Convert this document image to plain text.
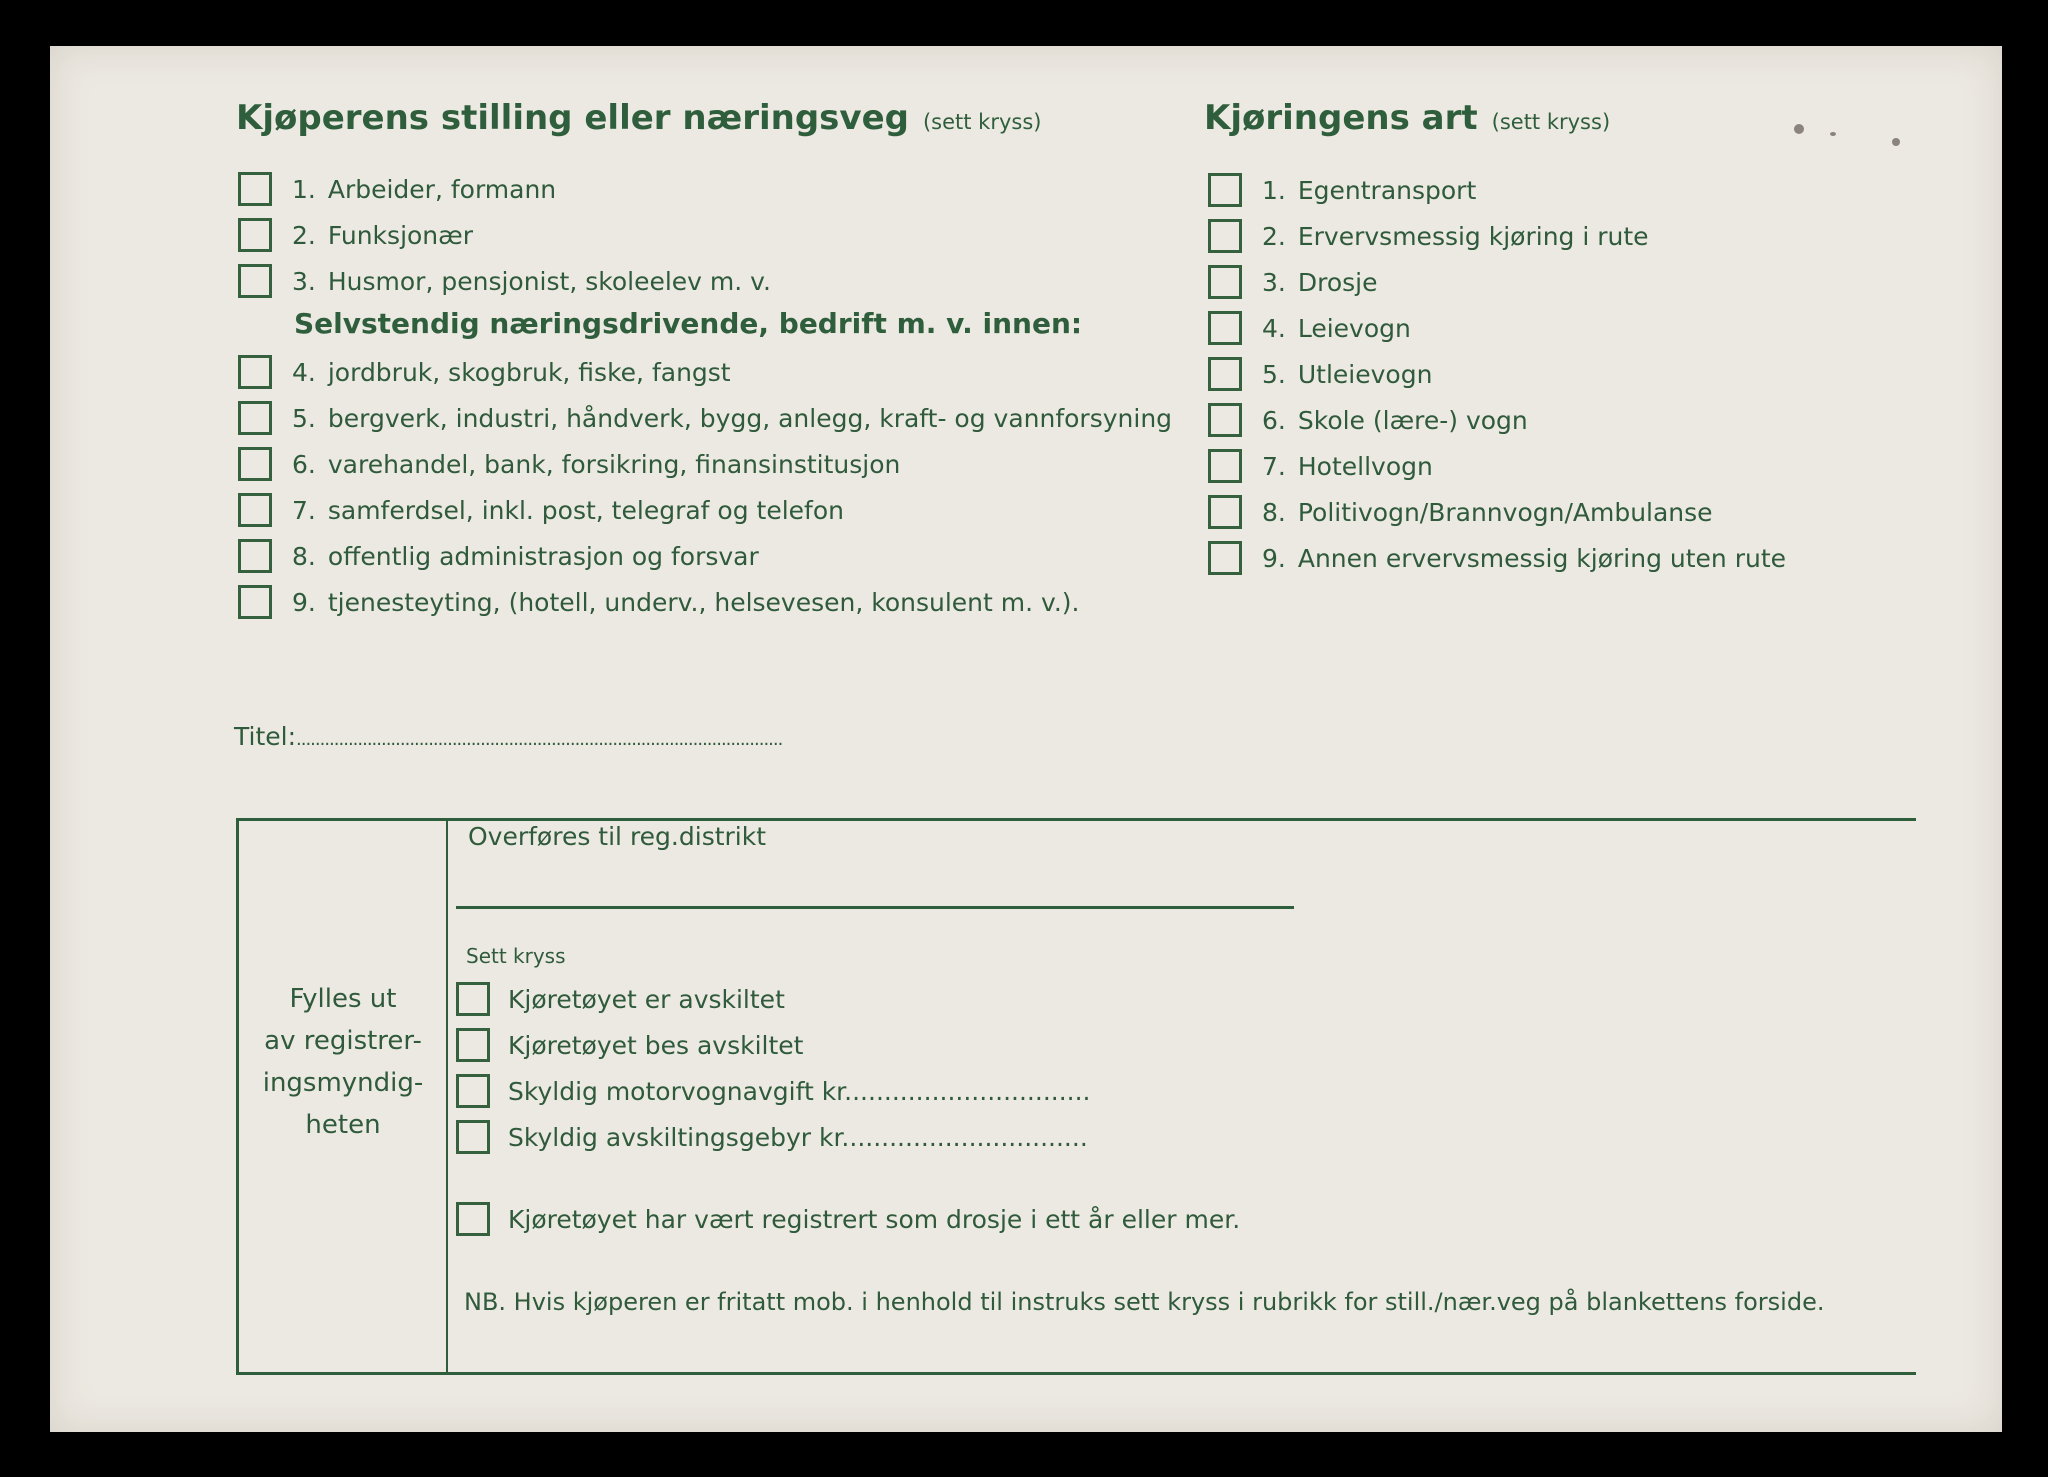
Kjøperens stilling eller næringsveg (sett kryss)
1. Arbeider, formann
2. Funksjonær
3. Husmor, pensjonist, skoleelev m. v.
Selvstendig næringsdrivende, bedrift m. v. innen:
4. jordbruk, skogbruk, fiske, fangst
5. bergverk, industri, håndverk, bygg, anlegg, kraft- og vannforsyning
6. varehandel, bank, forsikring, finansinstitusjon
7. samferdsel, inkl. post, telegraf og telefon
8. offentlig administrasjon og forsvar
9. tjenesteyting, (hotell, underv., helsevesen, konsulent m. v.).
Kjøringens art (sett kryss)
1. Egentransport
2. Ervervsmessig kjøring i rute
3. Drosje
4. Leievogn
5. Utleievogn
6. Skole (lære-) vogn
7. Hotellvogn
8. Politivogn/Brannvogn/Ambulanse
9. Annen ervervsmessig kjøring uten rute
Titel:.......................................................................................................
Fylles ut
av registrer-
ingsmyndig-
heten
Overføres til reg.distrikt
Sett kryss
Kjøretøyet er avskiltet
Kjøretøyet bes avskiltet
Skyldig motorvognavgift kr...............................
Skyldig avskiltingsgebyr kr...............................
Kjøretøyet har vært registrert som drosje i ett år eller mer.
NB. Hvis kjøperen er fritatt mob. i henhold til instruks sett kryss i rubrikk for still./nær.veg på blankettens forside.
